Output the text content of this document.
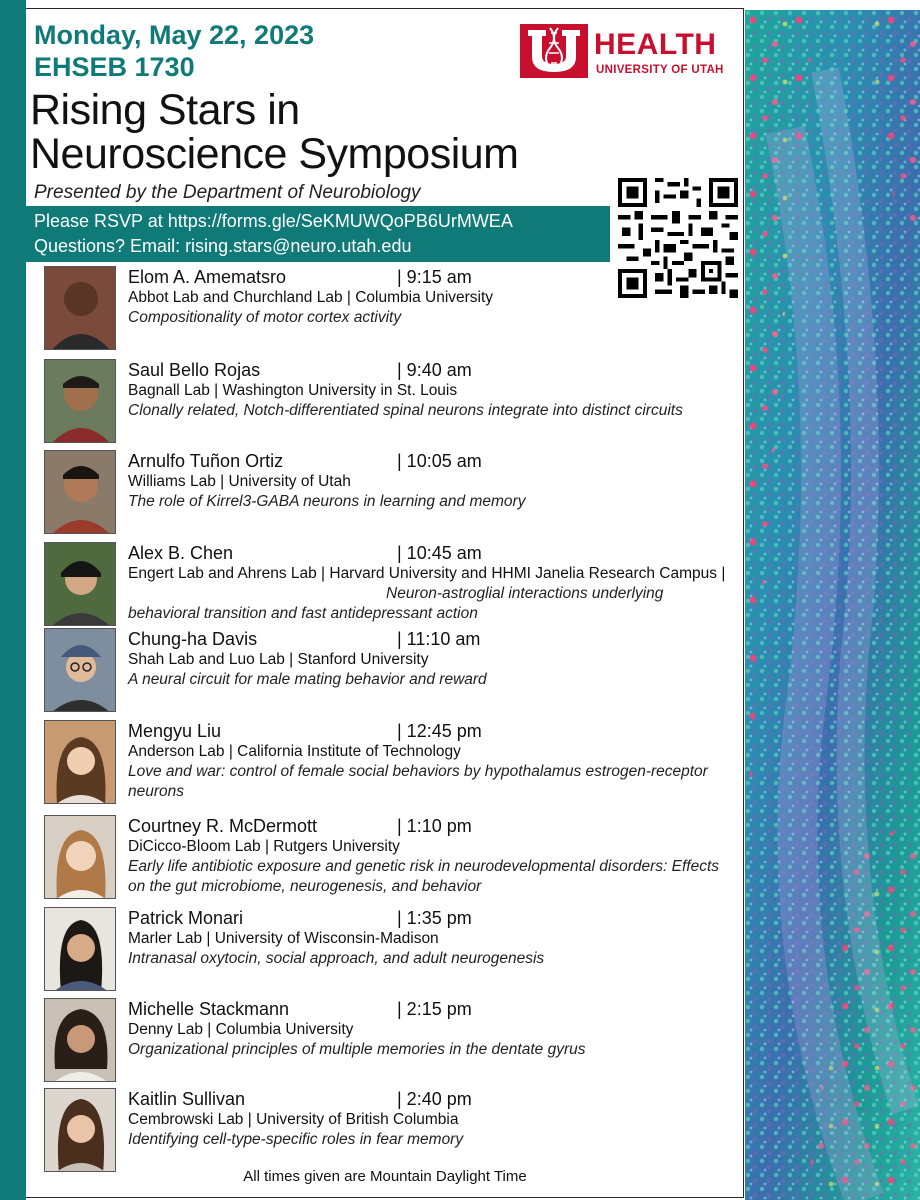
Monday, May 22, 2023
EHSEB 1730
Rising Stars in
Neuroscience Symposium
Presented by the Department of Neurobiology
Please RSVP at https://forms.gle/SeKMUWQoPB6UrMWEA
Questions? Email: rising.stars@neuro.utah.edu
HEALTH
UNIVERSITY OF UTAH
Elom A. Amematsro	| 9:15 am
Abbot Lab and Churchland Lab | Columbia University
Compositionality of motor cortex activity
Saul Bello Rojas	| 9:40 am
Bagnall Lab | Washington University in St. Louis
Clonally related, Notch-differentiated spinal neurons integrate into distinct circuits
Arnulfo Tuñon Ortiz	| 10:05 am
Williams Lab | University of Utah
The role of Kirrel3-GABA neurons in learning and memory
Alex B. Chen	| 10:45 am
Engert Lab and Ahrens Lab | Harvard University and HHMI Janelia Research Campus |
Neuron-astroglial interactions underlying behavioral transition and fast antidepressant action
Chung-ha Davis	| 11:10 am
Shah Lab and Luo Lab | Stanford University
A neural circuit for male mating behavior and reward
Mengyu Liu	| 12:45 pm
Anderson Lab | California Institute of Technology
Love and war: control of female social behaviors by hypothalamus estrogen-receptor neurons
Courtney R. McDermott	| 1:10 pm
DiCicco-Bloom Lab | Rutgers University
Early life antibiotic exposure and genetic risk in neurodevelopmental disorders: Effects on the gut microbiome, neurogenesis, and behavior
Patrick Monari	| 1:35 pm
Marler Lab | University of Wisconsin-Madison
Intranasal oxytocin, social approach, and adult neurogenesis
Michelle Stackmann	| 2:15 pm
Denny Lab | Columbia University
Organizational principles of multiple memories in the dentate gyrus
Kaitlin Sullivan	| 2:40 pm
Cembrowski Lab | University of British Columbia
Identifying cell-type-specific roles in fear memory
All times given are Mountain Daylight Time
